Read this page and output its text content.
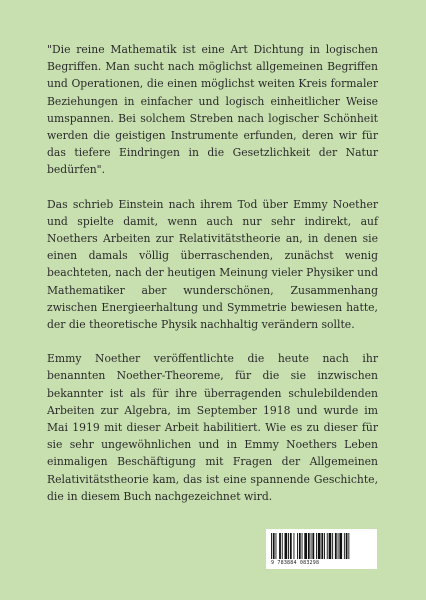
"Die reine Mathematik ist eine Art Dichtung in logischen Begriffen. Man sucht nach möglichst allgemeinen Begriffen und Operationen, die einen möglichst weiten Kreis formaler Beziehungen in einfacher und logisch einheitlicher Weise umspannen. Bei solchem Streben nach logischer Schönheit werden die geistigen Instrumente erfunden, deren wir für das tiefere Eindringen in die Gesetzlichkeit der Natur bedürfen".

Das schrieb Einstein nach ihrem Tod über Emmy Noether und spielte damit, wenn auch nur sehr indirekt, auf Noethers Arbeiten zur Relativitätstheorie an, in denen sie einen damals völlig überraschenden, zunächst wenig beachteten, nach der heutigen Meinung vieler Physiker und Mathematiker aber wunderschönen, Zusammenhang zwischen Energieerhaltung und Symmetrie bewiesen hatte, der die theoretische Physik nachhaltig verändern sollte.

Emmy Noether veröffentlichte die heute nach ihr benannten Noether-Theoreme, für die sie inzwischen bekannter ist als für ihre überragenden schulebildenden Arbeiten zur Algebra, im September 1918 und wurde im Mai 1919 mit dieser Arbeit habilitiert. Wie es zu dieser für sie sehr ungewöhnlichen und in Emmy Noethers Leben einmaligen Beschäftigung mit Fragen der Allgemeinen Relativitätstheorie kam, das ist eine spannende Geschichte, die in diesem Buch nachgezeichnet wird.

9 783884 083298
